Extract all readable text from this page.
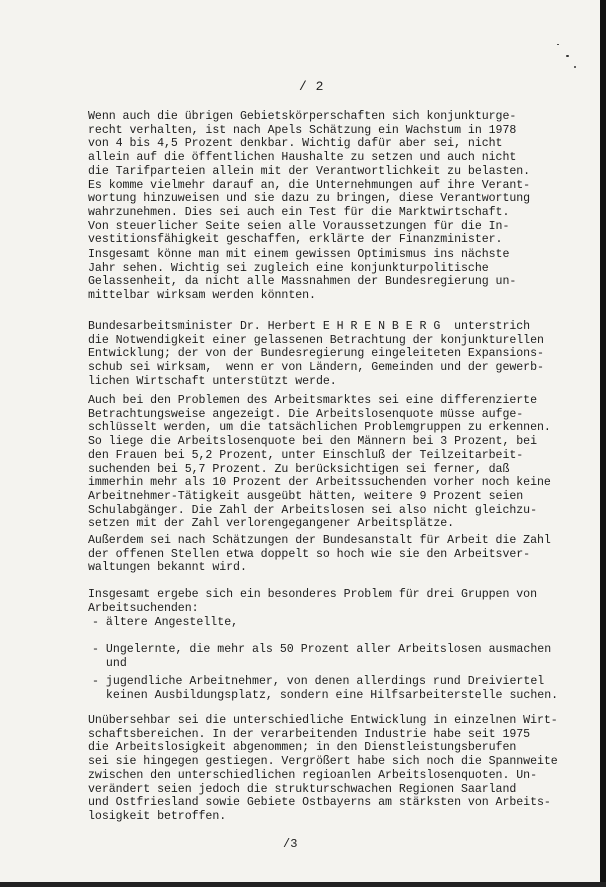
/ 2
Wenn auch die übrigen Gebietskörperschaften sich konjunkturge-
recht verhalten, ist nach Apels Schätzung ein Wachstum in 1978
von 4 bis 4,5 Prozent denkbar. Wichtig dafür aber sei, nicht
allein auf die öffentlichen Haushalte zu setzen und auch nicht
die Tarifparteien allein mit der Verantwortlichkeit zu belasten.
Es komme vielmehr darauf an, die Unternehmungen auf ihre Verant-
wortung hinzuweisen und sie dazu zu bringen, diese Verantwortung
wahrzunehmen. Dies sei auch ein Test für die Marktwirtschaft.
Von steuerlicher Seite seien alle Voraussetzungen für die In-
vestitionsfähigkeit geschaffen, erklärte der Finanzminister.
Insgesamt könne man mit einem gewissen Optimismus ins nächste
Jahr sehen. Wichtig sei zugleich eine konjunkturpolitische
Gelassenheit, da nicht alle Massnahmen der Bundesregierung un-
mittelbar wirksam werden könnten.
Bundesarbeitsminister Dr. Herbert E H R E N B E R G  unterstrich
die Notwendigkeit einer gelassenen Betrachtung der konjunkturellen
Entwicklung; der von der Bundesregierung eingeleiteten Expansions-
schub sei wirksam,  wenn er von Ländern, Gemeinden und der gewerb-
lichen Wirtschaft unterstützt werde.
Auch bei den Problemen des Arbeitsmarktes sei eine differenzierte
Betrachtungsweise angezeigt. Die Arbeitslosenquote müsse aufge-
schlüsselt werden, um die tatsächlichen Problemgruppen zu erkennen.
So liege die Arbeitslosenquote bei den Männern bei 3 Prozent, bei
den Frauen bei 5,2 Prozent, unter Einschluß der Teilzeitarbeit-
suchenden bei 5,7 Prozent. Zu berücksichtigen sei ferner, daß
immerhin mehr als 10 Prozent der Arbeitssuchenden vorher noch keine
Arbeitnehmer-Tätigkeit ausgeübt hätten, weitere 9 Prozent seien
Schulabgänger. Die Zahl der Arbeitslosen sei also nicht gleichzu-
setzen mit der Zahl verlorengegangener Arbeitsplätze.
Außerdem sei nach Schätzungen der Bundesanstalt für Arbeit die Zahl
der offenen Stellen etwa doppelt so hoch wie sie den Arbeitsver-
waltungen bekannt wird.
Insgesamt ergebe sich ein besonderes Problem für drei Gruppen von
Arbeitsuchenden:
- ältere Angestellte,
- Ungelernte, die mehr als 50 Prozent aller Arbeitslosen ausmachen
und
- jugendliche Arbeitnehmer, von denen allerdings rund Dreiviertel
keinen Ausbildungsplatz, sondern eine Hilfsarbeiterstelle suchen.
Unübersehbar sei die unterschiedliche Entwicklung in einzelnen Wirt-
schaftsbereichen. In der verarbeitenden Industrie habe seit 1975
die Arbeitslosigkeit abgenommen; in den Dienstleistungsberufen
sei sie hingegen gestiegen. Vergrößert habe sich noch die Spannweite
zwischen den unterschiedlichen regioanlen Arbeitslosenquoten. Un-
verändert seien jedoch die strukturschwachen Regionen Saarland
und Ostfriesland sowie Gebiete Ostbayerns am stärksten von Arbeits-
losigkeit betroffen.
/3
